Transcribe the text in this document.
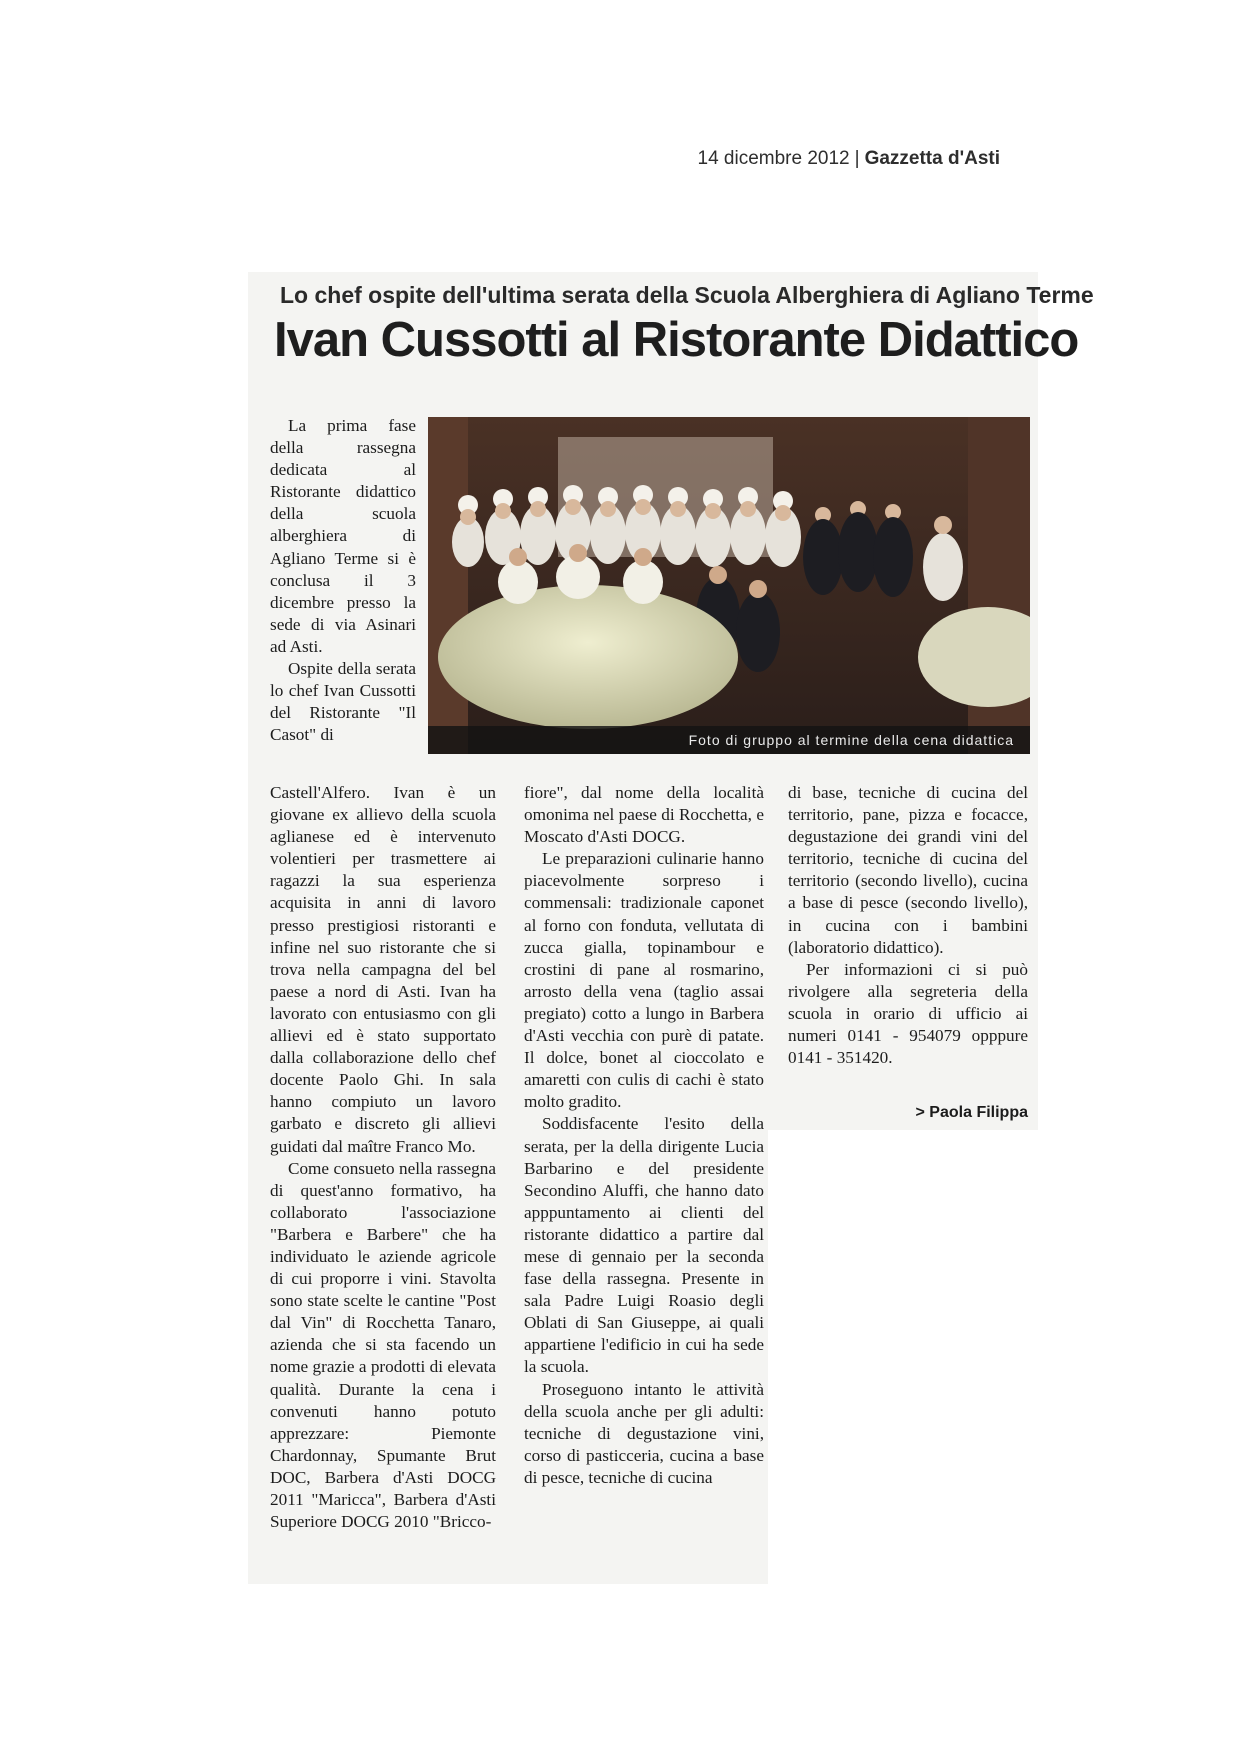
14 dicembre 2012 | Gazzetta d'Asti
Lo chef ospite dell'ultima serata della Scuola Alberghiera di Agliano Terme
Ivan Cussotti al Ristorante Didattico
Foto di gruppo al termine della cena didattica

La prima fase della rassegna dedicata al Ristorante didattico della scuola alberghiera di Agliano Terme si è conclusa il 3 dicembre presso la sede di via Asinari ad Asti.

Ospite della serata lo chef Ivan Cussotti del Ristorante "Il Casot" di

Castell'Alfero. Ivan è un giovane ex allievo della scuola aglianese ed è intervenuto volentieri per trasmettere ai ragazzi la sua esperienza acquisita in anni di lavoro presso prestigiosi ristoranti e infine nel suo ristorante che si trova nella campagna del bel paese a nord di Asti. Ivan ha lavorato con entusiasmo con gli allievi ed è stato supportato dalla collaborazione dello chef docente Paolo Ghi. In sala hanno compiuto un lavoro garbato e discreto gli allievi guidati dal maître Franco Mo.

Come consueto nella rassegna di quest'anno formativo, ha collaborato l'associazione "Barbera e Barbere" che ha individuato le aziende agricole di cui proporre i vini. Stavolta sono state scelte le cantine "Post dal Vin" di Rocchetta Tanaro, azienda che si sta facendo un nome grazie a prodotti di elevata qualità. Durante la cena i convenuti hanno potuto apprezzare: Piemonte Chardonnay, Spumante Brut DOC, Barbera d'Asti DOCG 2011 "Maricca", Barbera d'Asti Superiore DOCG 2010 "Bricco-

fiore", dal nome della località omonima nel paese di Rocchetta, e Moscato d'Asti DOCG.

Le preparazioni culinarie hanno piacevolmente sorpreso i commensali: tradizionale caponet al forno con fonduta, vellutata di zucca gialla, topinambour e crostini di pane al rosmarino, arrosto della vena (taglio assai pregiato) cotto a lungo in Barbera d'Asti vecchia con purè di patate. Il dolce, bonet al cioccolato e amaretti con culis di cachi è stato molto gradito.

Soddisfacente l'esito della serata, per la della dirigente Lucia Barbarino e del presidente Secondino Aluffi, che hanno dato apppuntamento ai clienti del ristorante didattico a partire dal mese di gennaio per la seconda fase della rassegna. Presente in sala Padre Luigi Roasio degli Oblati di San Giuseppe, ai quali appartiene l'edificio in cui ha sede la scuola.

Proseguono intanto le attività della scuola anche per gli adulti: tecniche di degustazione vini, corso di pasticceria, cucina a base di pesce, tecniche di cucina

di base, tecniche di cucina del territorio, pane, pizza e focacce, degustazione dei grandi vini del territorio, tecniche di cucina del territorio (secondo livello), cucina a base di pesce (secondo livello), in cucina con i bambini (laboratorio didattico).

Per informazioni ci si può rivolgere alla segreteria della scuola in orario di ufficio ai numeri 0141 - 954079 opppure 0141 - 351420.

> Paola Filippa
